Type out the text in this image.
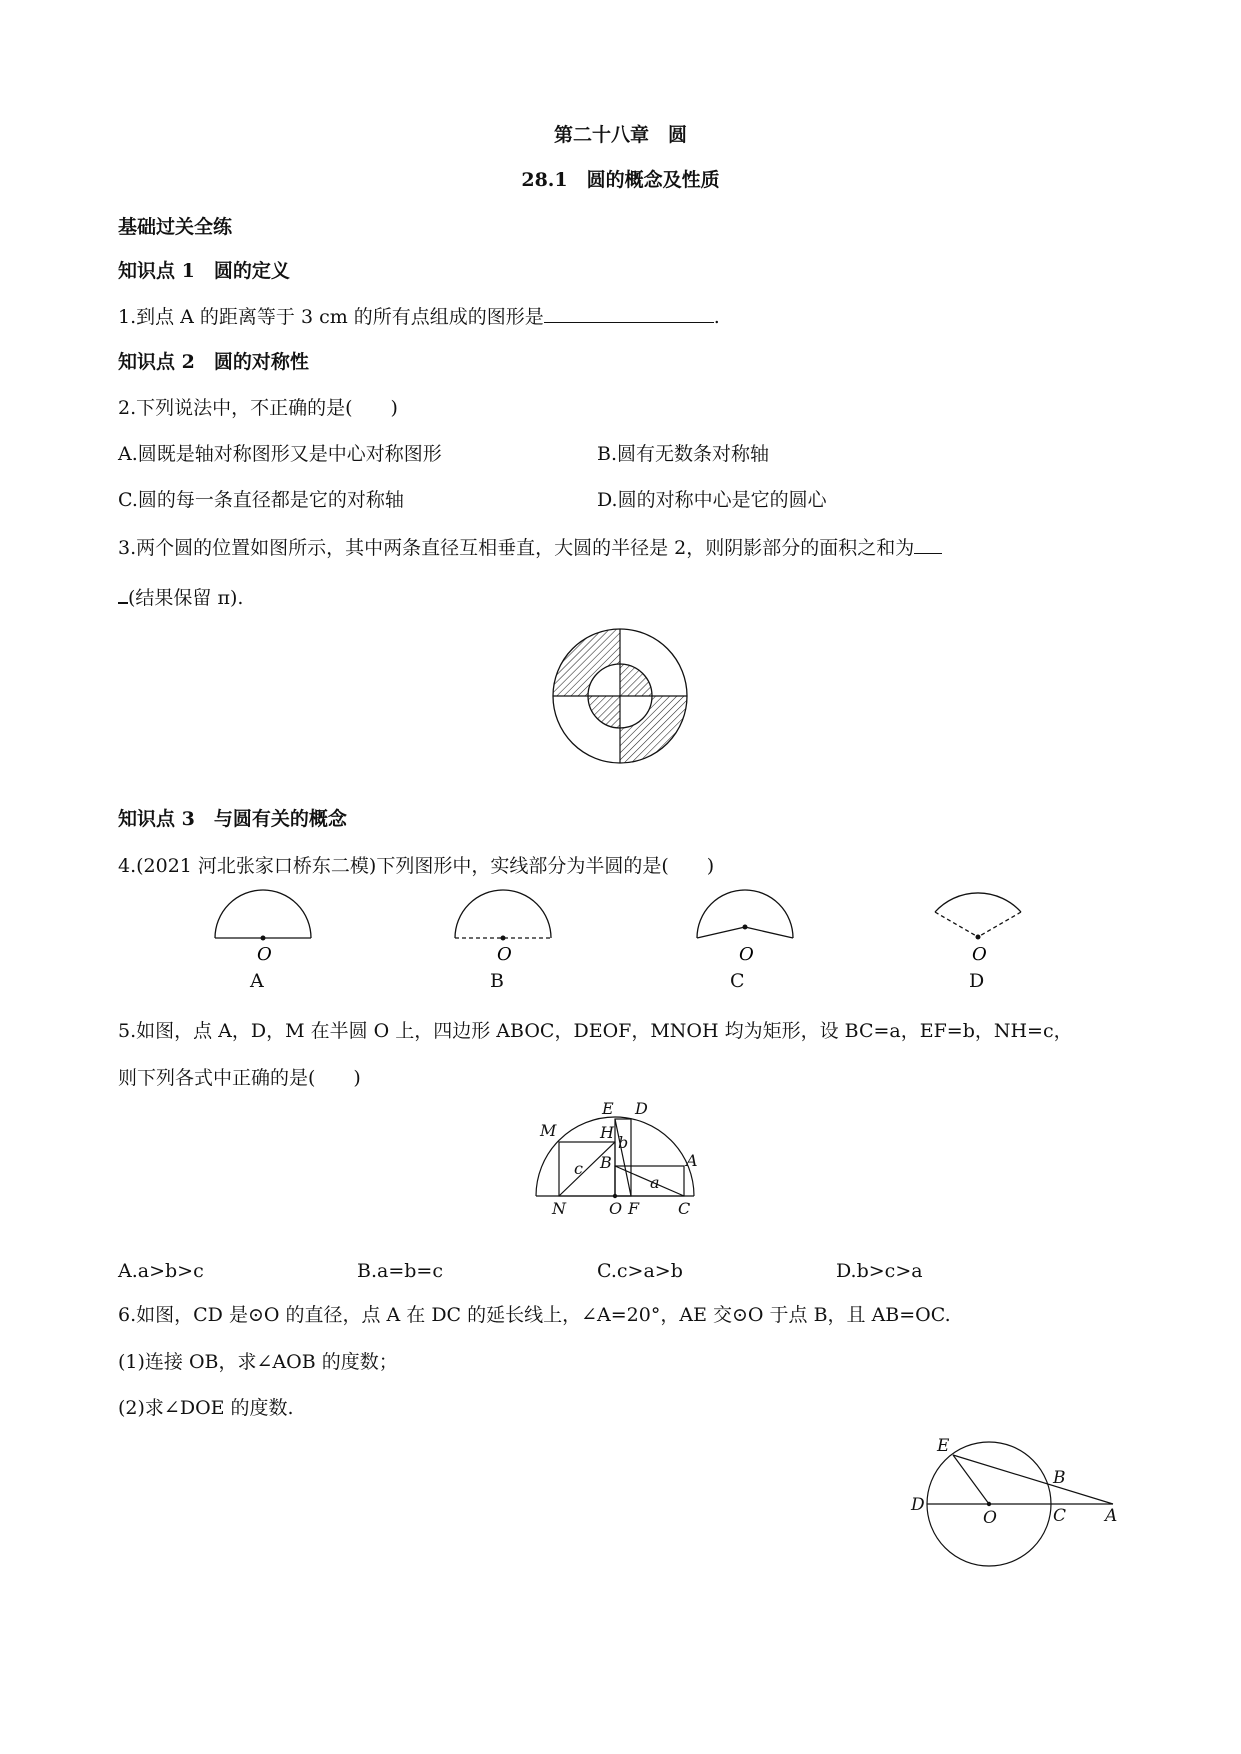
第二十八章　圆
28.1　圆的概念及性质
基础过关全练
知识点 1　圆的定义
1.到点 A 的距离等于 3 cm 的所有点组成的图形是	.
知识点 2　圆的对称性
2.下列说法中，不正确的是(　　)
A.圆既是轴对称图形又是中心对称图形	B.圆有无数条对称轴
C.圆的每一条直径都是它的对称轴	D.圆的对称中心是它的圆心
3.两个圆的位置如图所示，其中两条直径互相垂直，大圆的半径是 2，则阴影部分的面积之和为
(结果保留 π).
知识点 3　与圆有关的概念
4.(2021 河北张家口桥东二模)下列图形中，实线部分为半圆的是(　　)
O	O	O	O
A	B	C	D
5.如图，点 A，D，M 在半圆 O 上，四边形 ABOC，DEOF，MNOH 均为矩形，设 BC=a，EF=b，NH=c，
则下列各式中正确的是(　　)
E D
M	H
b
c B	A
a
N	O F C
A.a>b>c	B.a=b=c	C.c>a>b	D.b>c>a
6.如图，CD 是⊙O 的直径，点 A 在 DC 的延长线上，∠A=20°，AE 交⊙O 于点 B，且 AB=OC.
(1)连接 OB，求∠AOB 的度数；
(2)求∠DOE 的度数.
E
B
D
O	C A
